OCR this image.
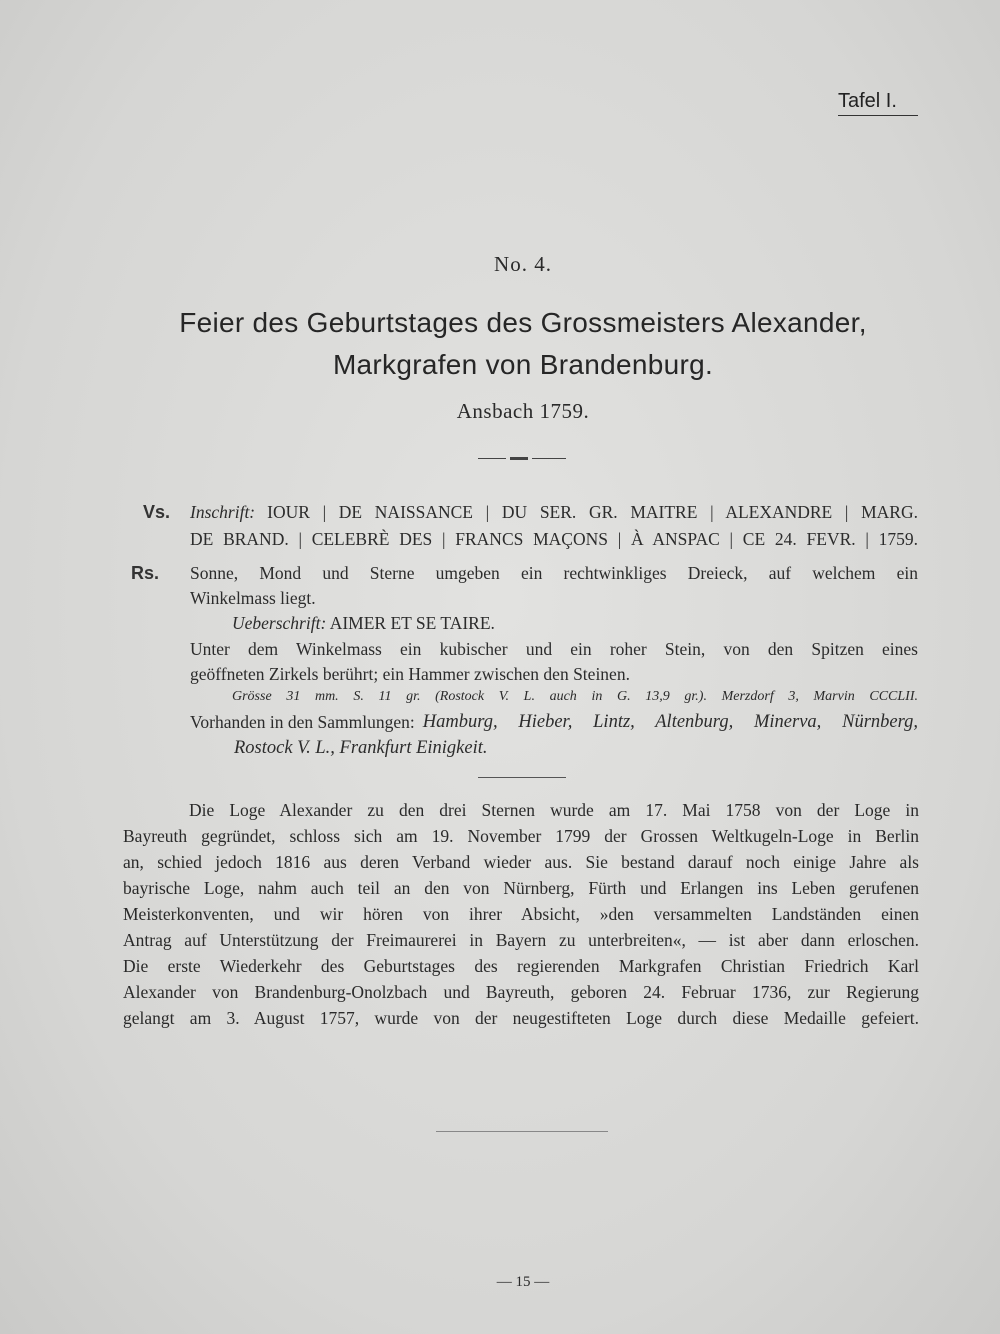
Tafel I.
No. 4.
Feier des Geburtstages des Grossmeisters Alexander,
Markgrafen von Brandenburg.
Ansbach 1759.
Vs. Inschrift: IOUR | DE NAISSANCE | DU SER. GR. MAITRE | ALEXANDRE | MARG.
DE BRAND. | CELEBRÈ DES | FRANCS MAÇONS | À ANSPAC | CE 24. FEVR. | 1759.
Rs. Sonne, Mond und Sterne umgeben ein rechtwinkliges Dreieck, auf welchem ein
Winkelmass liegt.
Ueberschrift: AIMER ET SE TAIRE.
Unter dem Winkelmass ein kubischer und ein roher Stein, von den Spitzen eines
geöffneten Zirkels berührt; ein Hammer zwischen den Steinen.
Grösse 31 mm. S. 11 gr. (Rostock V. L. auch in G. 13,9 gr.). Merzdorf 3, Marvin CCCLII.
Vorhanden in den Sammlungen: Hamburg, Hieber, Lintz, Altenburg, Minerva, Nürnberg,
Rostock V. L., Frankfurt Einigkeit.
Die Loge Alexander zu den drei Sternen wurde am 17. Mai 1758 von der Loge in
Bayreuth gegründet, schloss sich am 19. November 1799 der Grossen Weltkugeln-Loge in Berlin
an, schied jedoch 1816 aus deren Verband wieder aus. Sie bestand darauf noch einige Jahre als
bayrische Loge, nahm auch teil an den von Nürnberg, Fürth und Erlangen ins Leben gerufenen
Meisterkonventen, und wir hören von ihrer Absicht, »den versammelten Landständen einen
Antrag auf Unterstützung der Freimaurerei in Bayern zu unterbreiten«, — ist aber dann erloschen.
Die erste Wiederkehr des Geburtstages des regierenden Markgrafen Christian Friedrich Karl
Alexander von Brandenburg-Onolzbach und Bayreuth, geboren 24. Februar 1736, zur Regierung
gelangt am 3. August 1757, wurde von der neugestifteten Loge durch diese Medaille gefeiert.
— 15 —
